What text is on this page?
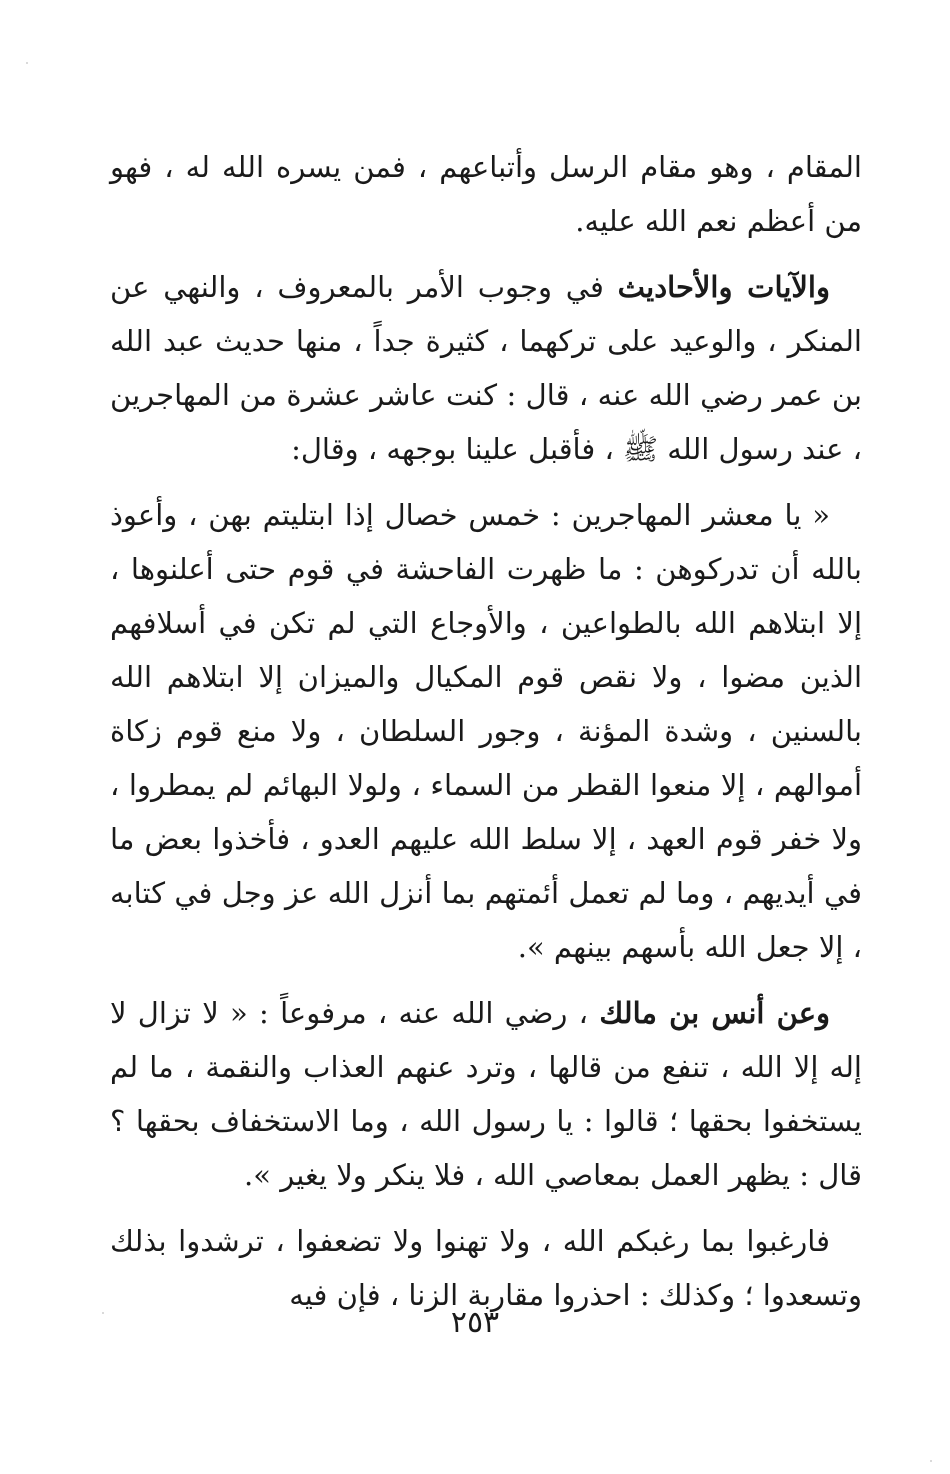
المقام ، وهو مقام الرسل وأتباعهم ، فمن يسره الله له ، فهو من أعظم نعم الله عليه.

والآيات والأحاديث في وجوب الأمر بالمعروف ، والنهي عن المنكر ، والوعيد على تركهما ، كثيرة جداً ، منها حديث عبد الله بن عمر رضي الله عنه ، قال : كنت عاشر عشرة من المهاجرين ، عند رسول الله ﷺ ، فأقبل علينا بوجهه ، وقال:

« يا معشر المهاجرين : خمس خصال إذا ابتليتم بهن ، وأعوذ بالله أن تدركوهن : ما ظهرت الفاحشة في قوم حتى أعلنوها ، إلا ابتلاهم الله بالطواعين ، والأوجاع التي لم تكن في أسلافهم الذين مضوا ، ولا نقص قوم المكيال والميزان إلا ابتلاهم الله بالسنين ، وشدة المؤنة ، وجور السلطان ، ولا منع قوم زكاة أموالهم ، إلا منعوا القطر من السماء ، ولولا البهائم لم يمطروا ، ولا خفر قوم العهد ، إلا سلط الله عليهم العدو ، فأخذوا بعض ما في أيديهم ، وما لم تعمل أئمتهم بما أنزل الله عز وجل في كتابه ، إلا جعل الله بأسهم بينهم ».

وعن أنس بن مالك ، رضي الله عنه ، مرفوعاً : « لا تزال لا إله إلا الله ، تنفع من قالها ، وترد عنهم العذاب والنقمة ، ما لم يستخفوا بحقها ؛ قالوا : يا رسول الله ، وما الاستخفاف بحقها ؟ قال : يظهر العمل بمعاصي الله ، فلا ينكر ولا يغير ».

فارغبوا بما رغبكم الله ، ولا تهنوا ولا تضعفوا ، ترشدوا بذلك وتسعدوا ؛ وكذلك : احذروا مقاربة الزنا ، فإن فيه

٢٥٣
